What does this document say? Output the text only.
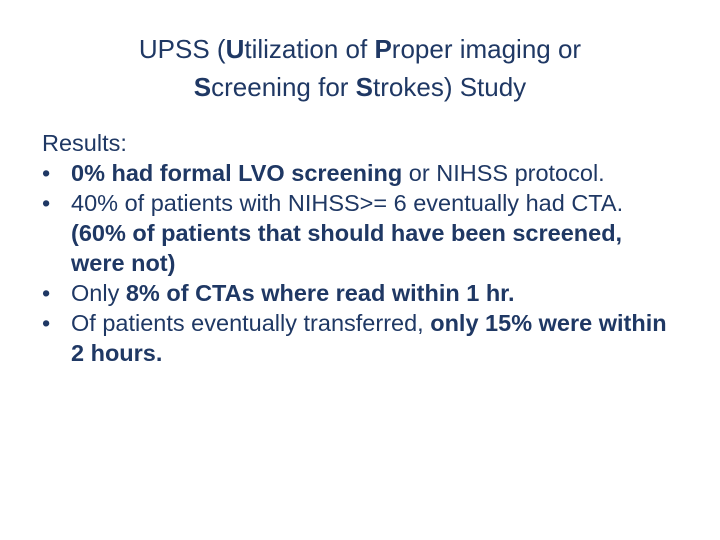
UPSS (Utilization of Proper imaging or
Screening for Strokes) Study

Results:

• 0% had formal LVO screening or NIHSS protocol.
• 40% of patients with NIHSS>= 6 eventually had CTA. (60% of patients that should have been screened, were not)
• Only 8% of CTAs where read within 1 hr.
• Of patients eventually transferred, only 15% were within 2 hours.
